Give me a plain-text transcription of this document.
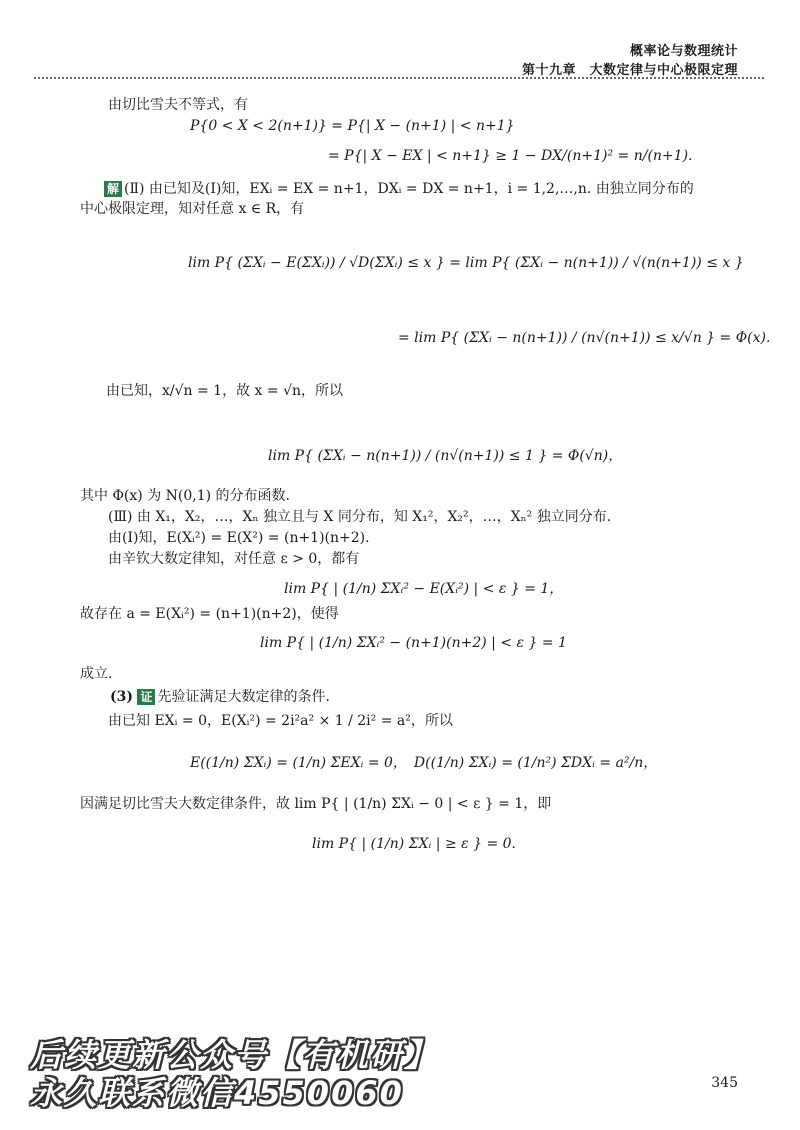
概率论与数理统计
第十九章　大数定律与中心极限定理
由切比雪夫不等式，有
P{0 < X < 2(n+1)} = P{| X − (n+1) | < n+1}
= P{| X − EX | < n+1} ≥ 1 − DX/(n+1)² = n/(n+1).
解 (Ⅱ) 由已知及(Ⅰ)知，EXᵢ = EX = n+1，DXᵢ = DX = n+1，i = 1,2,…,n. 由独立同分布的
中心极限定理，知对任意 x ∈ R，有
lim P{ (ΣXᵢ − E(ΣXᵢ)) / √D(ΣXᵢ) ≤ x } = lim P{ (ΣXᵢ − n(n+1)) / √(n(n+1)) ≤ x }
= lim P{ (ΣXᵢ − n(n+1)) / (n√(n+1)) ≤ x/√n } = Φ(x).
由已知，x/√n = 1，故 x = √n，所以
lim P{ (ΣXᵢ − n(n+1)) / (n√(n+1)) ≤ 1 } = Φ(√n)，
其中 Φ(x) 为 N(0,1) 的分布函数.
(Ⅲ) 由 X₁，X₂，…，Xₙ 独立且与 X 同分布，知 X₁²，X₂²，…，Xₙ² 独立同分布.
由(Ⅰ)知，E(Xᵢ²) = E(X²) = (n+1)(n+2).
由辛钦大数定律知，对任意 ε > 0，都有
lim P{ | (1/n) ΣXᵢ² − E(Xᵢ²) | < ε } = 1，
故存在 a = E(Xᵢ²) = (n+1)(n+2)，使得
lim P{ | (1/n) ΣXᵢ² − (n+1)(n+2) | < ε } = 1
成立.
(3) 证 先验证满足大数定律的条件.
由已知 EXᵢ = 0，E(Xᵢ²) = 2i²a² × 1 / 2i² = a²，所以
E((1/n) ΣXᵢ) = (1/n) ΣEXᵢ = 0，　D((1/n) ΣXᵢ) = (1/n²) ΣDXᵢ = a²/n，
因满足切比雪夫大数定律条件，故 lim P{ | (1/n) ΣXᵢ − 0 | < ε } = 1，即
lim P{ | (1/n) ΣXᵢ | ≥ ε } = 0.
后续更新公众号【有机研】
永久联系微信4550060	345
